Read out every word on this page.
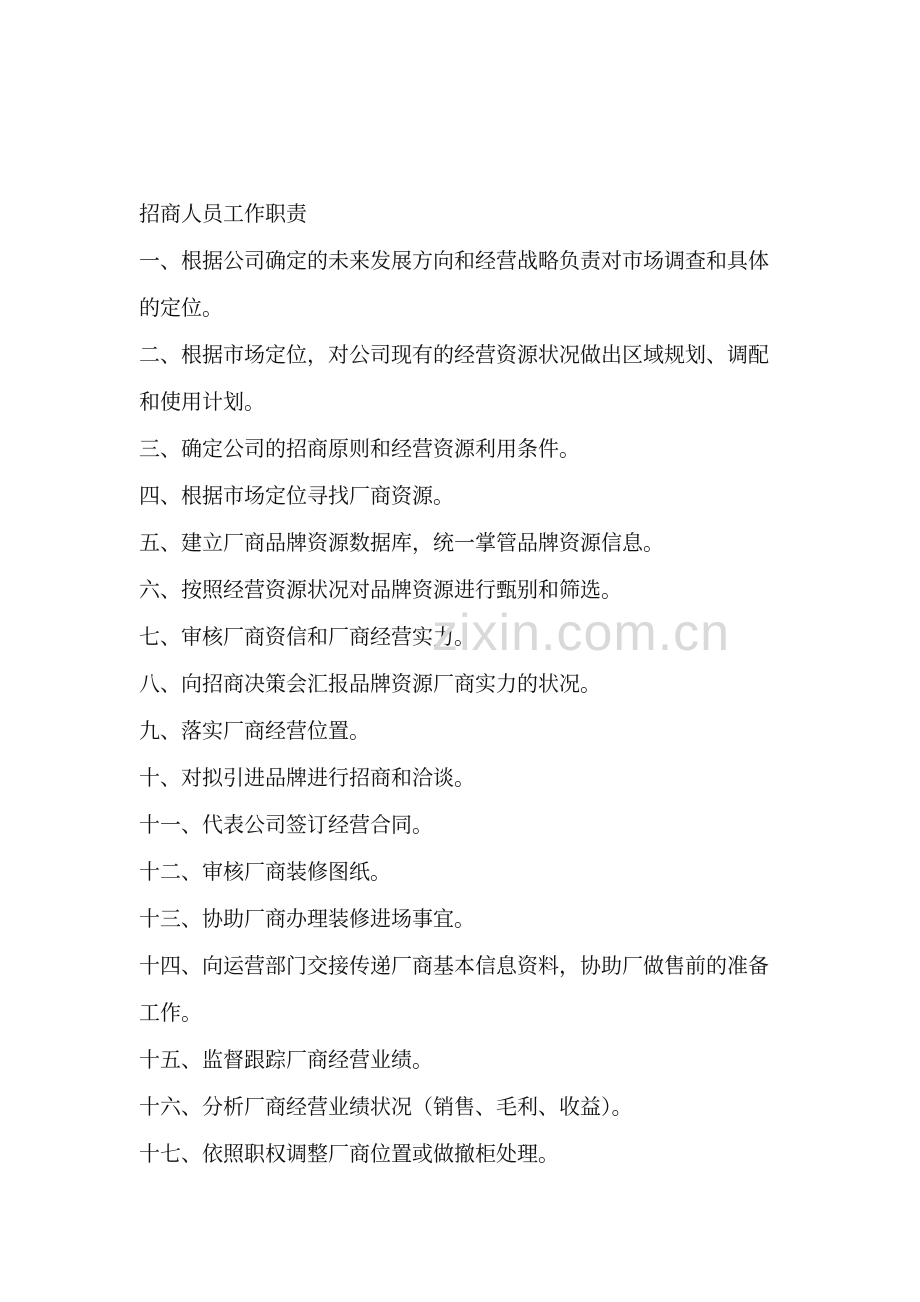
招商人员工作职责

一、根据公司确定的未来发展方向和经营战略负责对市场调查和具体

的定位。

二、根据市场定位，对公司现有的经营资源状况做出区域规划、调配

和使用计划。

三、确定公司的招商原则和经营资源利用条件。

四、根据市场定位寻找厂商资源。

五、建立厂商品牌资源数据库，统一掌管品牌资源信息。

六、按照经营资源状况对品牌资源进行甄别和筛选。

七、审核厂商资信和厂商经营实力。

八、向招商决策会汇报品牌资源厂商实力的状况。

九、落实厂商经营位置。

十、对拟引进品牌进行招商和洽谈。

十一、代表公司签订经营合同。

十二、审核厂商装修图纸。

十三、协助厂商办理装修进场事宜。

十四、向运营部门交接传递厂商基本信息资料，协助厂做售前的准备

工作。

十五、监督跟踪厂商经营业绩。

十六、分析厂商经营业绩状况（销售、毛利、收益）。

十七、依照职权调整厂商位置或做撤柜处理。

zixin.com.cn
